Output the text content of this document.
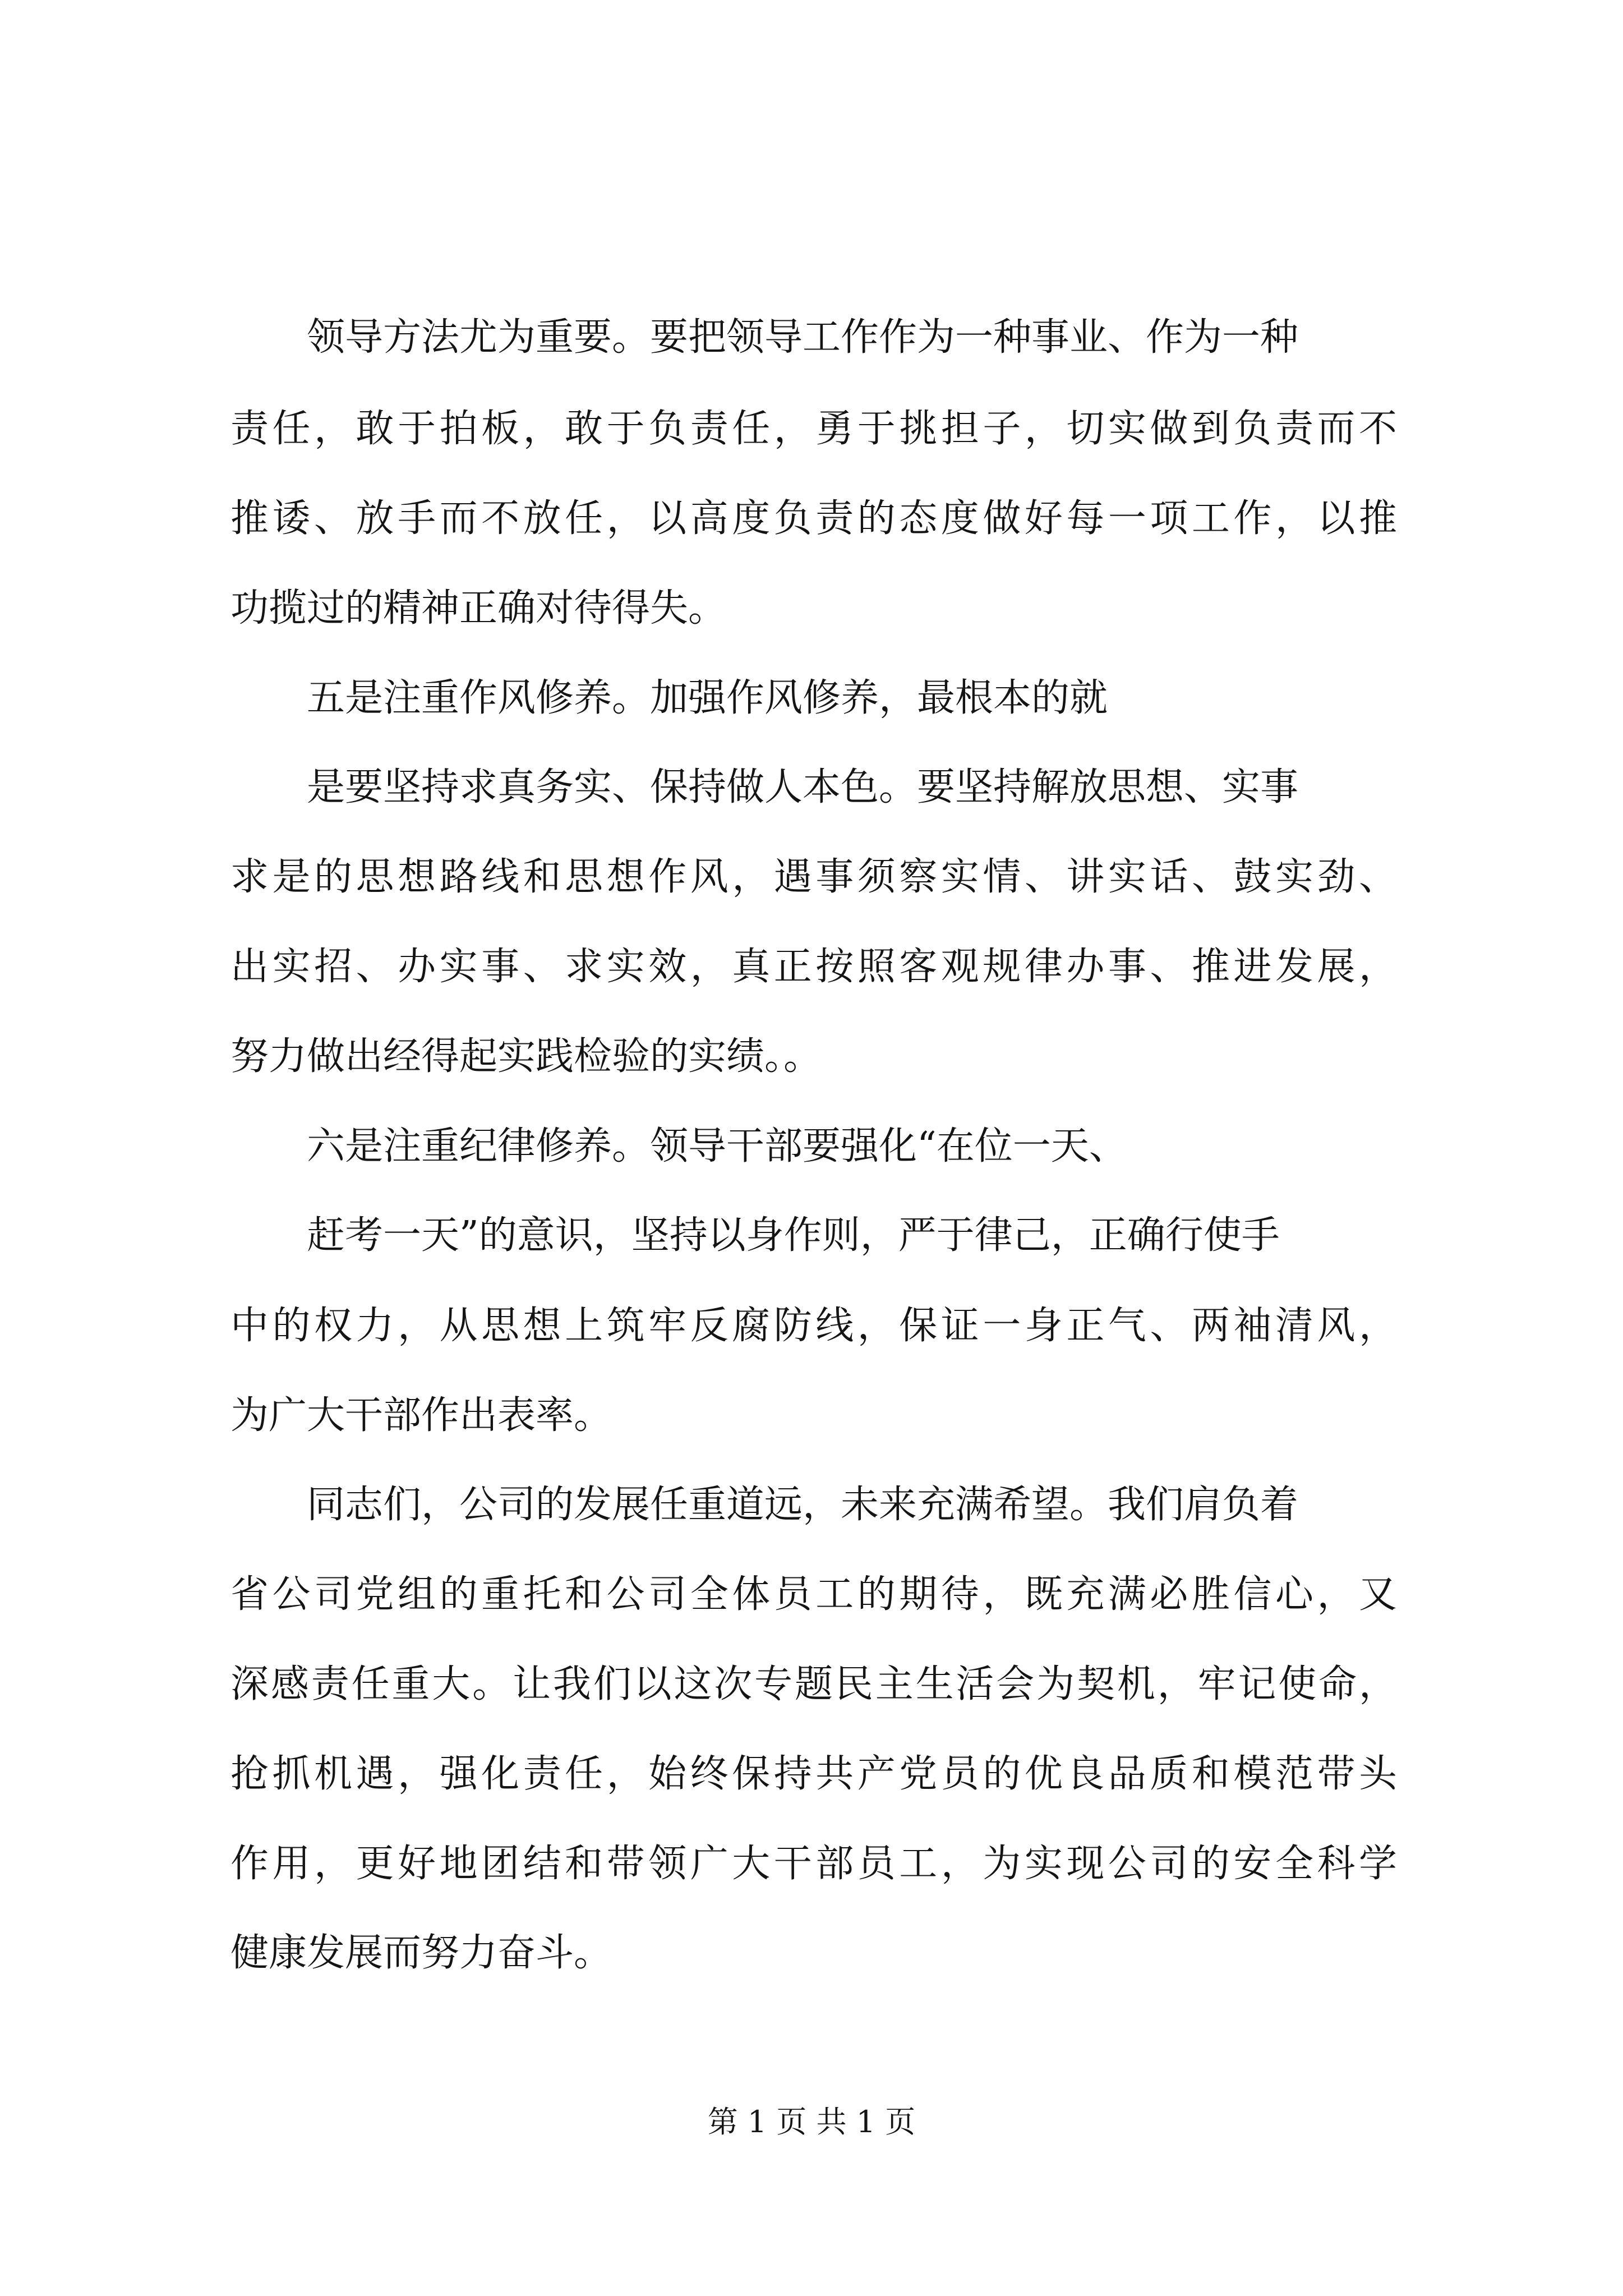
领导方法尤为重要。要把领导工作作为一种事业、作为一种

责任，敢于拍板，敢于负责任，勇于挑担子，切实做到负责而不

推诿、放手而不放任，以高度负责的态度做好每一项工作，以推

功揽过的精神正确对待得失。

五是注重作风修养。加强作风修养，最根本的就

是要坚持求真务实、保持做人本色。要坚持解放思想、实事

求是的思想路线和思想作风，遇事须察实情、讲实话、鼓实劲、

出实招、办实事、求实效，真正按照客观规律办事、推进发展，

努力做出经得起实践检验的实绩。。

六是注重纪律修养。领导干部要强化“在位一天、

赶考一天”的意识，坚持以身作则，严于律己，正确行使手

中的权力，从思想上筑牢反腐防线，保证一身正气、两袖清风，

为广大干部作出表率。

同志们，公司的发展任重道远，未来充满希望。我们肩负着

省公司党组的重托和公司全体员工的期待，既充满必胜信心，又

深感责任重大。让我们以这次专题民主生活会为契机，牢记使命，

抢抓机遇，强化责任，始终保持共产党员的优良品质和模范带头

作用，更好地团结和带领广大干部员工，为实现公司的安全科学

健康发展而努力奋斗。

第 1 页 共 1 页
